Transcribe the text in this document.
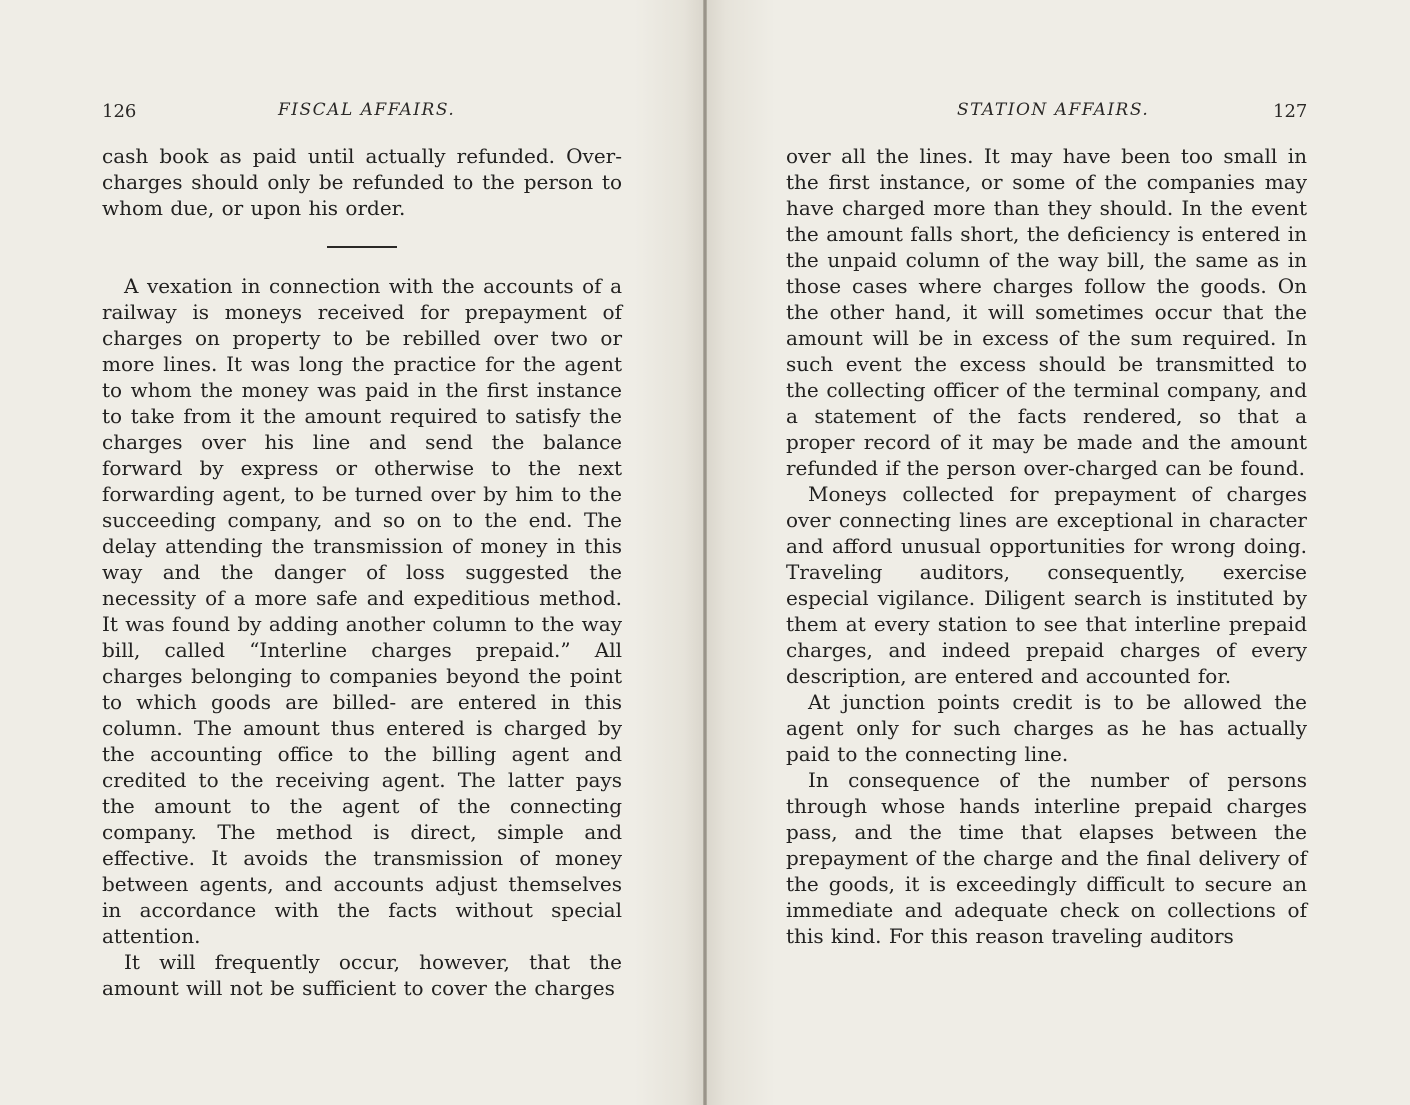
126	FISCAL AFFAIRS.

cash book as paid until actually refunded. Over-charges should only be refunded to the person to whom due, or upon his order.

A vexation in connection with the accounts of a railway is moneys received for prepayment of charges on property to be rebilled over two or more lines. It was long the practice for the agent to whom the money was paid in the first instance to take from it the amount required to satisfy the charges over his line and send the balance forward by express or otherwise to the next forwarding agent, to be turned over by him to the succeeding company, and so on to the end. The delay attending the transmission of money in this way and the danger of loss suggested the necessity of a more safe and expeditious method. It was found by adding another column to the way bill, called “Interline charges prepaid.” All charges belonging to companies beyond the point to which goods are billed- are entered in this column. The amount thus entered is charged by the accounting office to the billing agent and credited to the receiving agent. The latter pays the amount to the agent of the connecting company. The method is direct, simple and effective. It avoids the transmission of money between agents, and accounts adjust themselves in accordance with the facts without special attention.

It will frequently occur, however, that the amount will not be sufficient to cover the charges

STATION AFFAIRS.	127

over all the lines. It may have been too small in the first instance, or some of the companies may have charged more than they should. In the event the amount falls short, the deficiency is entered in the unpaid column of the way bill, the same as in those cases where charges follow the goods. On the other hand, it will sometimes occur that the amount will be in excess of the sum required. In such event the excess should be transmitted to the collecting officer of the terminal company, and a statement of the facts rendered, so that a proper record of it may be made and the amount refunded if the person over-charged can be found.

Moneys collected for prepayment of charges over connecting lines are exceptional in character and afford unusual opportunities for wrong doing. Traveling auditors, consequently, exercise especial vigilance. Diligent search is instituted by them at every station to see that interline prepaid charges, and indeed prepaid charges of every description, are entered and accounted for.

At junction points credit is to be allowed the agent only for such charges as he has actually paid to the connecting line.

In consequence of the number of persons through whose hands interline prepaid charges pass, and the time that elapses between the prepayment of the charge and the final delivery of the goods, it is exceedingly difficult to secure an immediate and adequate check on collections of this kind. For this reason traveling auditors
